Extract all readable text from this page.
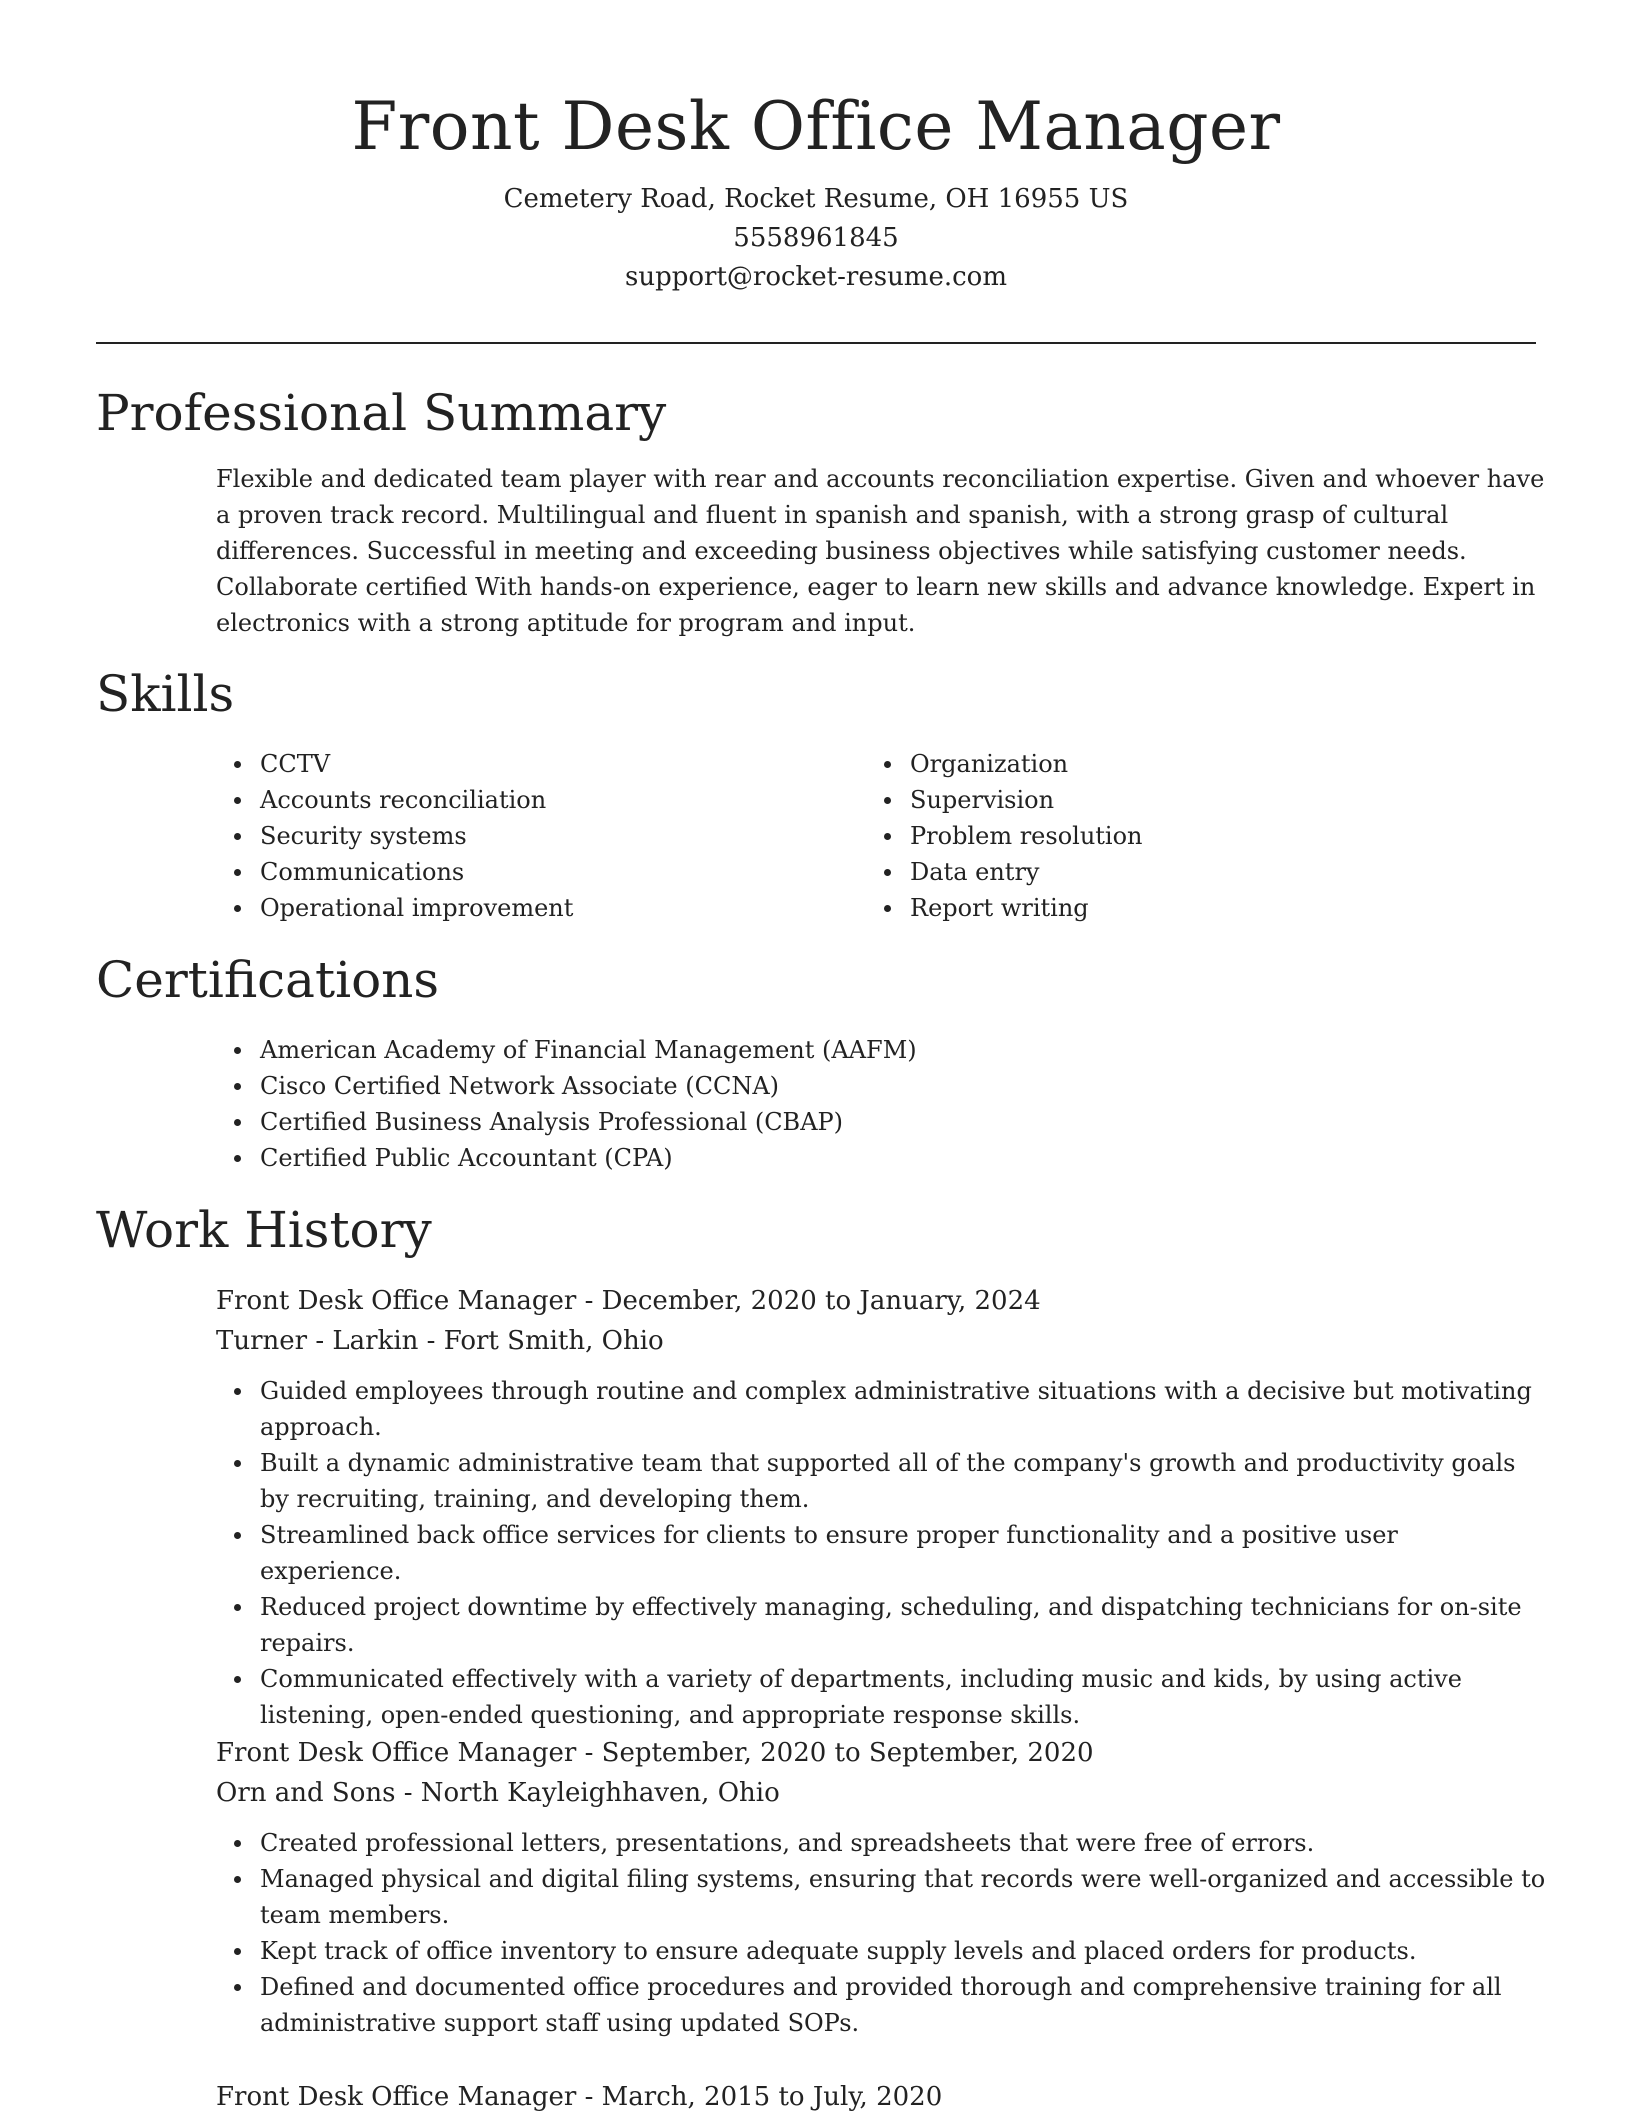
Front Desk Office Manager
Cemetery Road, Rocket Resume, OH 16955 US
5558961845
support@rocket-resume.com
Professional Summary

Flexible and dedicated team player with rear and accounts reconciliation expertise. Given and whoever have a proven track record. Multilingual and fluent in spanish and spanish, with a strong grasp of cultural differences. Successful in meeting and exceeding business objectives while satisfying customer needs. Collaborate certified With hands-on experience, eager to learn new skills and advance knowledge. Expert in electronics with a strong aptitude for program and input.

Skills
CCTV
Accounts reconciliation
Security systems
Communications
Operational improvement
Organization
Supervision
Problem resolution
Data entry
Report writing
Certifications
American Academy of Financial Management (AAFM)
Cisco Certified Network Associate (CCNA)
Certified Business Analysis Professional (CBAP)
Certified Public Accountant (CPA)
Work History
Front Desk Office Manager - December, 2020 to January, 2024
Turner - Larkin - Fort Smith, Ohio
Guided employees through routine and complex administrative situations with a decisive but motivating approach.
Built a dynamic administrative team that supported all of the company's growth and productivity goals by recruiting, training, and developing them.
Streamlined back office services for clients to ensure proper functionality and a positive user experience.
Reduced project downtime by effectively managing, scheduling, and dispatching technicians for on-site repairs.
Communicated effectively with a variety of departments, including music and kids, by using active listening, open-ended questioning, and appropriate response skills.
Front Desk Office Manager - September, 2020 to September, 2020
Orn and Sons - North Kayleighhaven, Ohio
Created professional letters, presentations, and spreadsheets that were free of errors.
Managed physical and digital filing systems, ensuring that records were well-organized and accessible to team members.
Kept track of office inventory to ensure adequate supply levels and placed orders for products.
Defined and documented office procedures and provided thorough and comprehensive training for all administrative support staff using updated SOPs.
Front Desk Office Manager - March, 2015 to July, 2020
